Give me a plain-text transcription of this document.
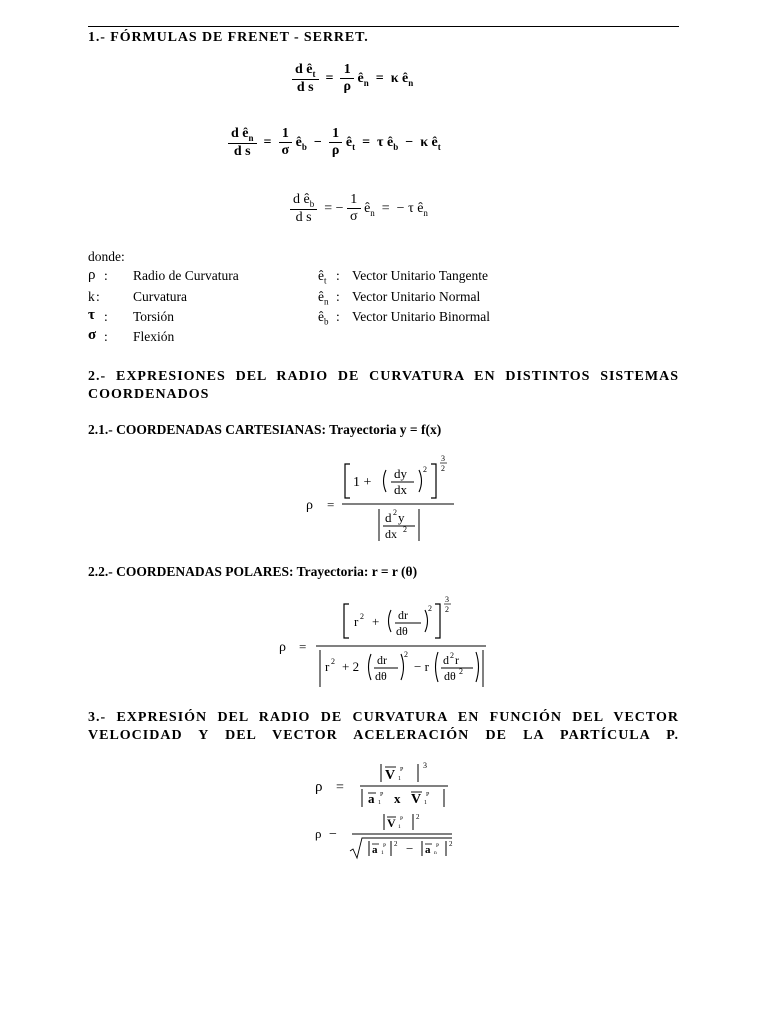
1.- FÓRMULAS DE FRENET - SERRET.
$\frac{d ê_t}{\text{d s}} = \frac{1}{\rho}$ $ê_n = \kappa$ $ê_n$
$\frac{d ê_n}{\text{d s}} = \frac{1}{\sigma}$ $ê_b - \frac{1}{\rho}$ $ê_t = \tau$ $ê_b - \kappa$ $ê_t$
$\frac{d ê_b}{\text{d s}}$ = − $\frac{1}{\sigma}$ $ê_n$  =  − τ $ê_n$
donde:
ρ : Radio de Curvatura
k : Curvatura
τ : Torsión
σ : Flexión
$ê_t$ : Vector Unitario Tangente
$ê_n$ : Vector Unitario Normal
$ê_b$ : Vector Unitario Binormal
2.- EXPRESIONES DEL RADIO DE CURVATURA EN DISTINTOS SISTEMAS COORDENADOS
2.1.- COORDENADAS CARTESIANAS: Trayectoria y = f(x)
ρ =
1 +
dy
dx
2
3
2
d 2 y
dx 2
2.2.- COORDENADAS POLARES: Trayectoria: r = r (θ)
ρ =
r 2 + dr
dθ
2
3
2
r 2 + 2 dr
dθ
2
− r d 2 r
dθ 2
3.- EXPRESIÓN DEL RADIO DE CURVATURA EN FUNCIÓN DEL VECTOR VELOCIDAD Y DEL VECTOR ACELERACIÓN DE LA PARTÍCULA P.
ρ =
V 1
P 3
a 1
P x V 1
P
ρ −
V 1
P 2
a 1
P 2 − a n
P 2
